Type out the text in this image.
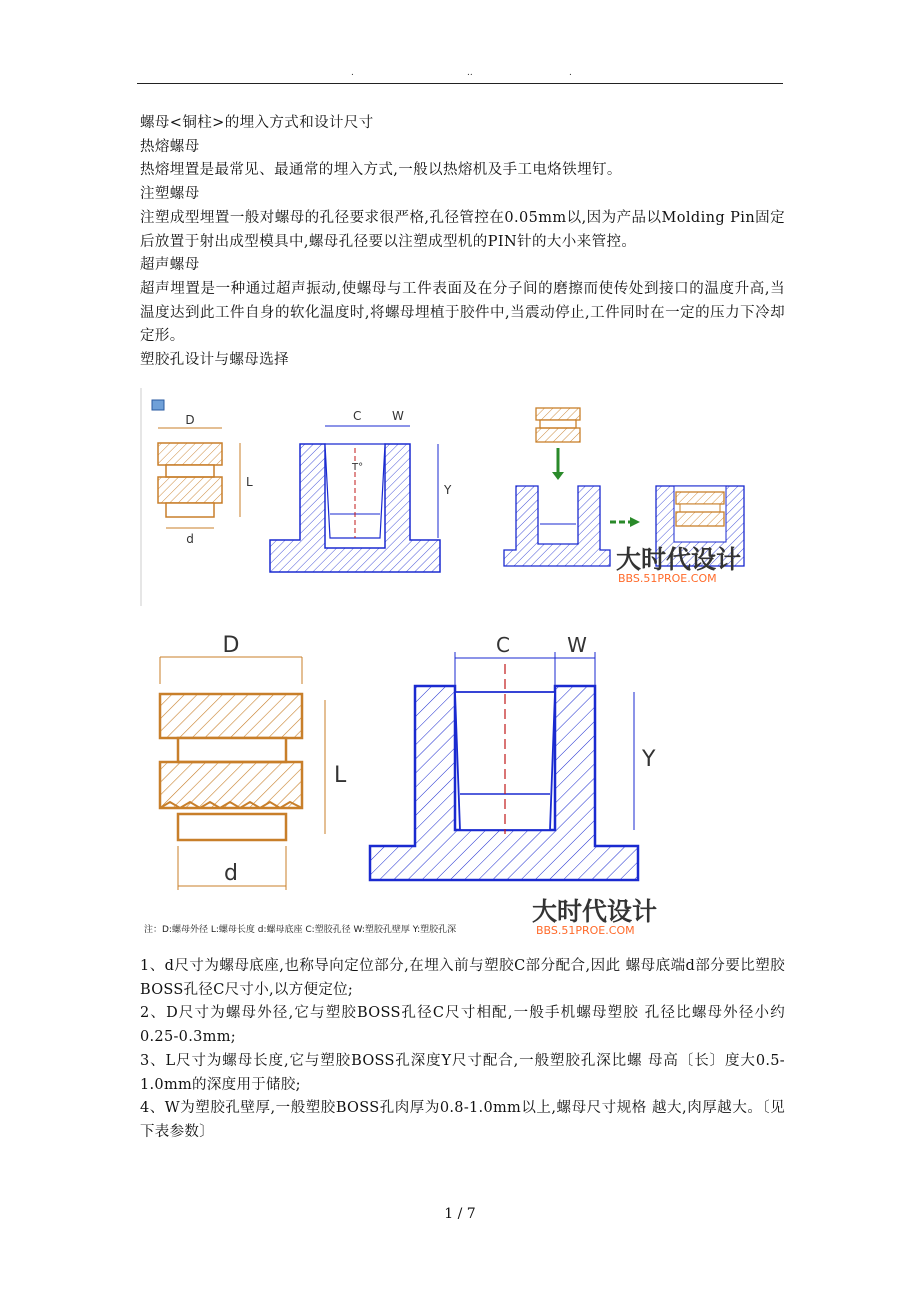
.	..	.

螺母<铜柱>的埋入方式和设计尺寸

热熔螺母

热熔埋置是最常见、最通常的埋入方式,一般以热熔机及手工电烙铁埋钉。

注塑螺母

注塑成型埋置一般对螺母的孔径要求很严格,孔径管控在0.05mm以,因为产品以Molding Pin固定后放置于射出成型模具中,螺母孔径要以注塑成型机的PIN针的大小来管控。

超声螺母

超声埋置是一种通过超声振动,使螺母与工件表面及在分子间的磨擦而使传处到接口的温度升高,当温度达到此工件自身的软化温度时,将螺母埋植于胶件中,当震动停止,工件同时在一定的压力下冷却定形。

塑胶孔设计与螺母选择

D
L
d
T°
C	W
Y
大时代设计
BBS.51PROE.COM
D
L
d
C	W
Y
注：D:螺母外径 L:螺母长度 d:螺母底座 C:塑胶孔径 W:塑胶孔壁厚 Y:塑胶孔深
大时代设计
BBS.51PROE.COM

1、d尺寸为螺母底座,也称导向定位部分,在埋入前与塑胶C部分配合,因此 螺母底端d部分要比塑胶BOSS孔径C尺寸小,以方便定位;

2、D尺寸为螺母外径,它与塑胶BOSS孔径C尺寸相配,一般手机螺母塑胶 孔径比螺母外径小约0.25-0.3mm;

3、L尺寸为螺母长度,它与塑胶BOSS孔深度Y尺寸配合,一般塑胶孔深比螺 母高〔长〕度大0.5-1.0mm的深度用于储胶;

4、W为塑胶孔壁厚,一般塑胶BOSS孔肉厚为0.8-1.0mm以上,螺母尺寸规格 越大,肉厚越大。〔见下表参数〕

1 / 7
